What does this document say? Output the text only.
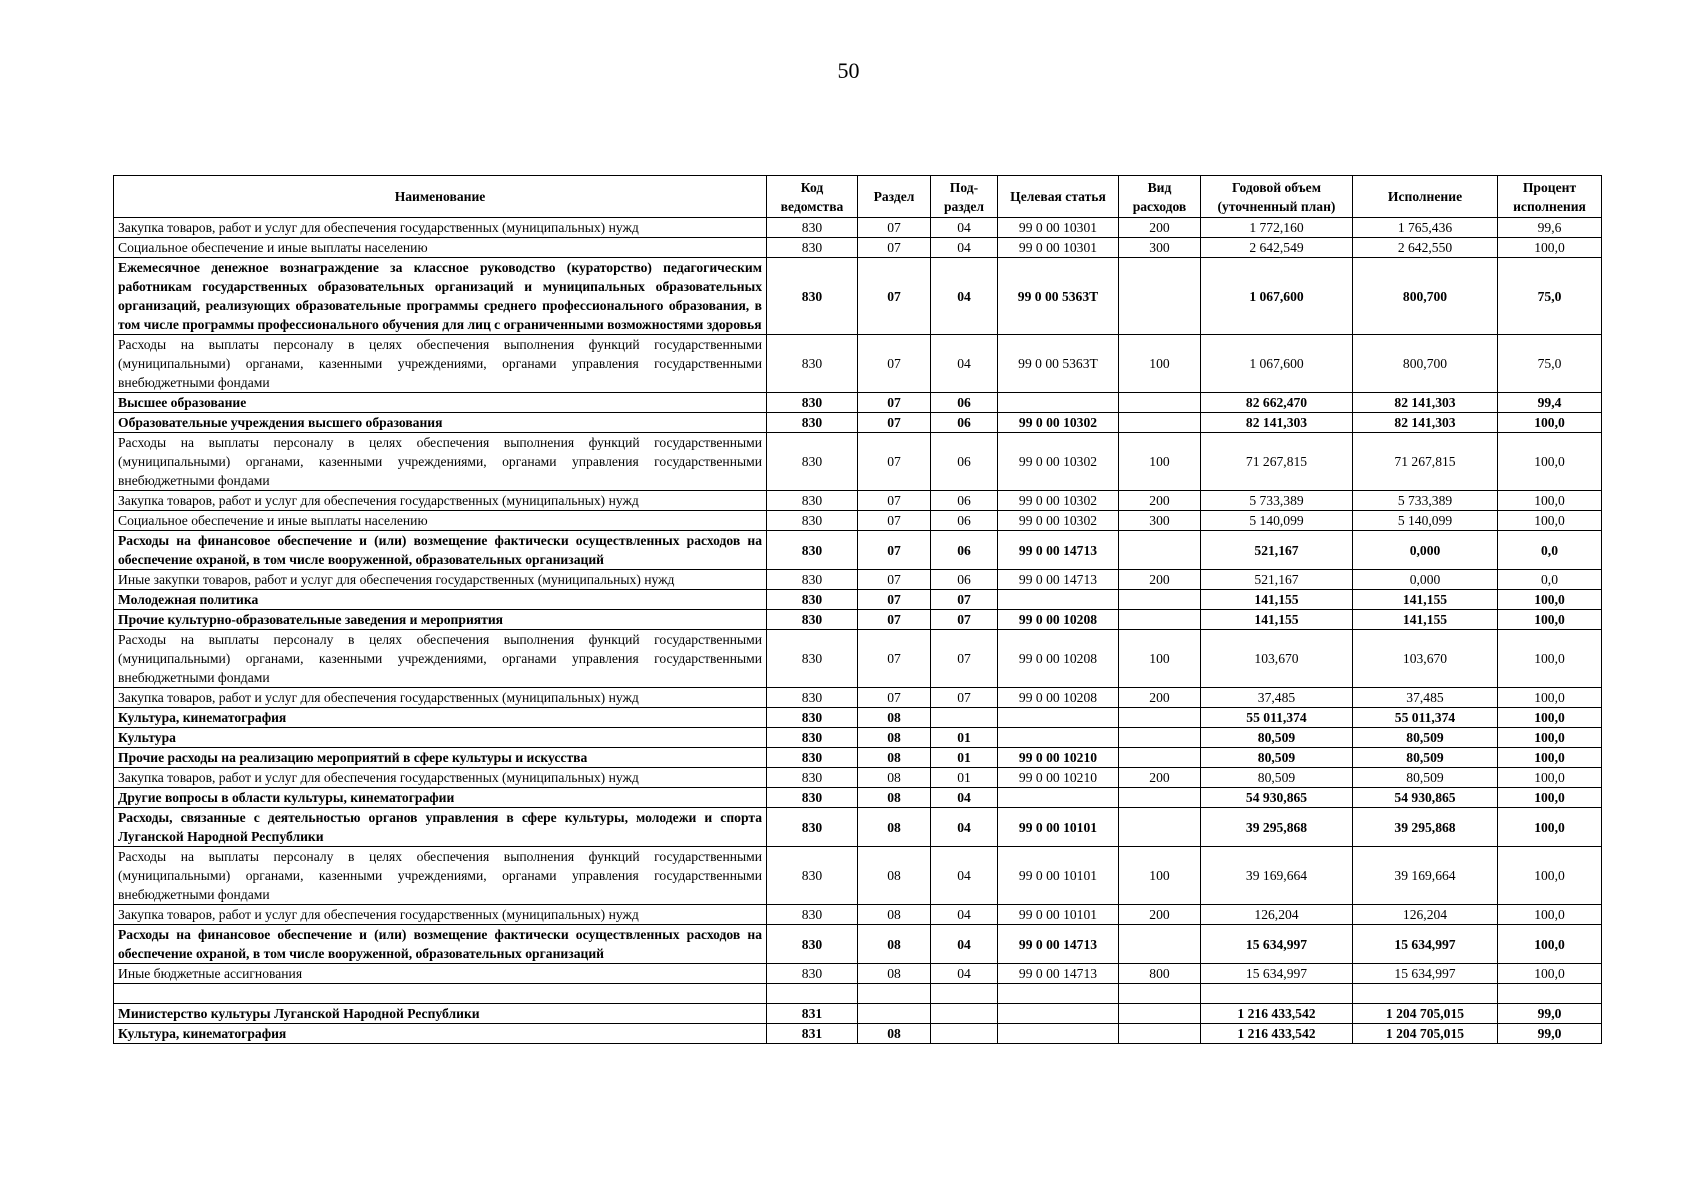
50
Наименование	Код ведомства	Раздел	Под-раздел	Целевая статья	Вид расходов	Годовой объем (уточненный план)	Исполнение	Процент исполнения
Закупка товаров, работ и услуг для обеспечения государственных (муниципальных) нужд	830	07	04	99 0 00 10301	200	1 772,160	1 765,436	99,6
Социальное обеспечение и иные выплаты населению	830	07	04	99 0 00 10301	300	2 642,549	2 642,550	100,0
Ежемесячное денежное вознаграждение за классное руководство (кураторство) педагогическим работникам государственных образовательных организаций и муниципальных образовательных организаций, реализующих образовательные программы среднего профессионального образования, в том числе программы профессионального обучения для лиц с ограниченными возможностями здоровья	830	07	04	99 0 00 5363Т		1 067,600	800,700	75,0
Расходы на выплаты персоналу в целях обеспечения выполнения функций государственными (муниципальными) органами, казенными учреждениями, органами управления государственными внебюджетными фондами	830	07	04	99 0 00 5363Т	100	1 067,600	800,700	75,0
Высшее образование	830	07	06			82 662,470	82 141,303	99,4
Образовательные учреждения высшего образования	830	07	06	99 0 00 10302		82 141,303	82 141,303	100,0
Расходы на выплаты персоналу в целях обеспечения выполнения функций государственными (муниципальными) органами, казенными учреждениями, органами управления государственными внебюджетными фондами	830	07	06	99 0 00 10302	100	71 267,815	71 267,815	100,0
Закупка товаров, работ и услуг для обеспечения государственных (муниципальных) нужд	830	07	06	99 0 00 10302	200	5 733,389	5 733,389	100,0
Социальное обеспечение и иные выплаты населению	830	07	06	99 0 00 10302	300	5 140,099	5 140,099	100,0
Расходы на финансовое обеспечение и (или) возмещение фактически осуществленных расходов на обеспечение охраной, в том числе вооруженной, образовательных организаций	830	07	06	99 0 00 14713		521,167	0,000	0,0
Иные закупки товаров, работ и услуг для обеспечения государственных (муниципальных) нужд	830	07	06	99 0 00 14713	200	521,167	0,000	0,0
Молодежная политика	830	07	07			141,155	141,155	100,0
Прочие культурно-образовательные заведения и мероприятия	830	07	07	99 0 00 10208		141,155	141,155	100,0
Расходы на выплаты персоналу в целях обеспечения выполнения функций государственными (муниципальными) органами, казенными учреждениями, органами управления государственными внебюджетными фондами	830	07	07	99 0 00 10208	100	103,670	103,670	100,0
Закупка товаров, работ и услуг для обеспечения государственных (муниципальных) нужд	830	07	07	99 0 00 10208	200	37,485	37,485	100,0
Культура, кинематография	830	08				55 011,374	55 011,374	100,0
Культура	830	08	01			80,509	80,509	100,0
Прочие расходы на реализацию мероприятий в сфере культуры и искусства	830	08	01	99 0 00 10210		80,509	80,509	100,0
Закупка товаров, работ и услуг для обеспечения государственных (муниципальных) нужд	830	08	01	99 0 00 10210	200	80,509	80,509	100,0
Другие вопросы в области культуры, кинематографии	830	08	04			54 930,865	54 930,865	100,0
Расходы, связанные с деятельностью органов управления в сфере культуры, молодежи и спорта Луганской Народной Республики	830	08	04	99 0 00 10101		39 295,868	39 295,868	100,0
Расходы на выплаты персоналу в целях обеспечения выполнения функций государственными (муниципальными) органами, казенными учреждениями, органами управления государственными внебюджетными фондами	830	08	04	99 0 00 10101	100	39 169,664	39 169,664	100,0
Закупка товаров, работ и услуг для обеспечения государственных (муниципальных) нужд	830	08	04	99 0 00 10101	200	126,204	126,204	100,0
Расходы на финансовое обеспечение и (или) возмещение фактически осуществленных расходов на обеспечение охраной, в том числе вооруженной, образовательных организаций	830	08	04	99 0 00 14713		15 634,997	15 634,997	100,0
Иные бюджетные ассигнования	830	08	04	99 0 00 14713	800	15 634,997	15 634,997	100,0

Министерство культуры Луганской Народной Республики	831					1 216 433,542	1 204 705,015	99,0
Культура, кинематография	831	08				1 216 433,542	1 204 705,015	99,0
